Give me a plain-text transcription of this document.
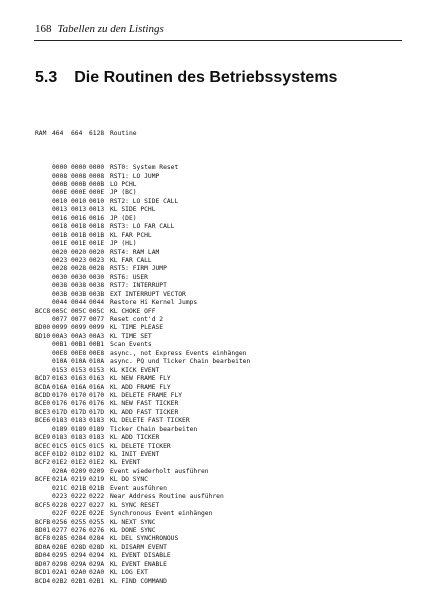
168 Tabellen zu den Listings
5.3 Die Routinen des Betriebssystems

RAM 464	664	6128 Routine

0000 0000 0000 RST0: System Reset
0008 0008 0008 RST1: LO JUMP
000B 000B 000B LO PCHL
000E 000E 000E JP (BC)
0010 0010 0010 RST2: LO SIDE CALL
0013 0013 0013 KL SIDE PCHL
0016 0016 0016 JP (DE)
0018 0018 0018 RST3: LO FAR CALL
001B 001B 001B KL FAR PCHL
001E 001E 001E JP (HL)
0020 0020 0020 RST4: RAM LAM
0023 0023 0023 KL FAR CALL
0028 0028 0028 RST5: FIRM JUMP
0030 0030 0030 RST6: USER
0038 0038 0038 RST7: INTERRUPT
003B 003B 003B EXT INTERRUPT VECTOR
0044 0044 0044 Restore Hi Kernel Jumps
BCC8 005C 005C 005C KL CHOKE OFF
0077 0077 0077 Reset cont'd 2
BD00 0099 0099 0099 KL TIME PLEASE
BD10 00A3 00A3 00A3 KL TIME SET
00B1 00B1 00B1 Scan Events
00E8 00E8 00E8 async., not Express Events einhängen
010A 010A 010A async. PQ und Ticker Chain bearbeiten
0153 0153 0153 KL KICK EVENT
BCD7 0163 0163 0163 KL NEW FRAME FLY
BCDA 016A 016A 016A KL ADD FRAME FLY
BCDD 0170 0170 0170 KL DELETE FRAME FLY
BCE0 0176 0176 0176 KL NEW FAST TICKER
BCE3 017D 017D 017D KL ADD FAST TICKER
BCE6 0183 0183 0183 KL DELETE FAST TICKER
0189 0189 0189 Ticker Chain bearbeiten
BCE9 0183 0183 0183 KL ADD TICKER
BCEC 01C5 01C5 01C5 KL DELETE TICKER
BCEF 01D2 01D2 01D2 KL INIT EVENT
BCF2 01E2 01E2 01E2 KL EVENT
020A 0209 0209 Event wiederholt ausführen
BCFE 021A 0219 0219 KL DO SYNC
021C 021B 021B Event ausführen
0223 0222 0222 Near Address Routine ausführen
BCF5 0228 0227 0227 KL SYNC RESET
022F 022E 022E Synchronous Event einhängen
BCFB 0256 0255 0255 KL NEXT SYNC
BD01 0277 0276 0276 KL DONE SYNC
BCF8 0285 0284 0284 KL DEL SYNCHRONOUS
BD0A 028E 028D 028D KL DISARM EVENT
BD04 0295 0294 0294 KL EVENT DISABLE
BD07 0298 029A 029A KL EVENT ENABLE
BCD1 02A1 02A0 02A0 KL LOG EXT
BCD4 02B2 02B1 02B1 KL FIND COMMAND
